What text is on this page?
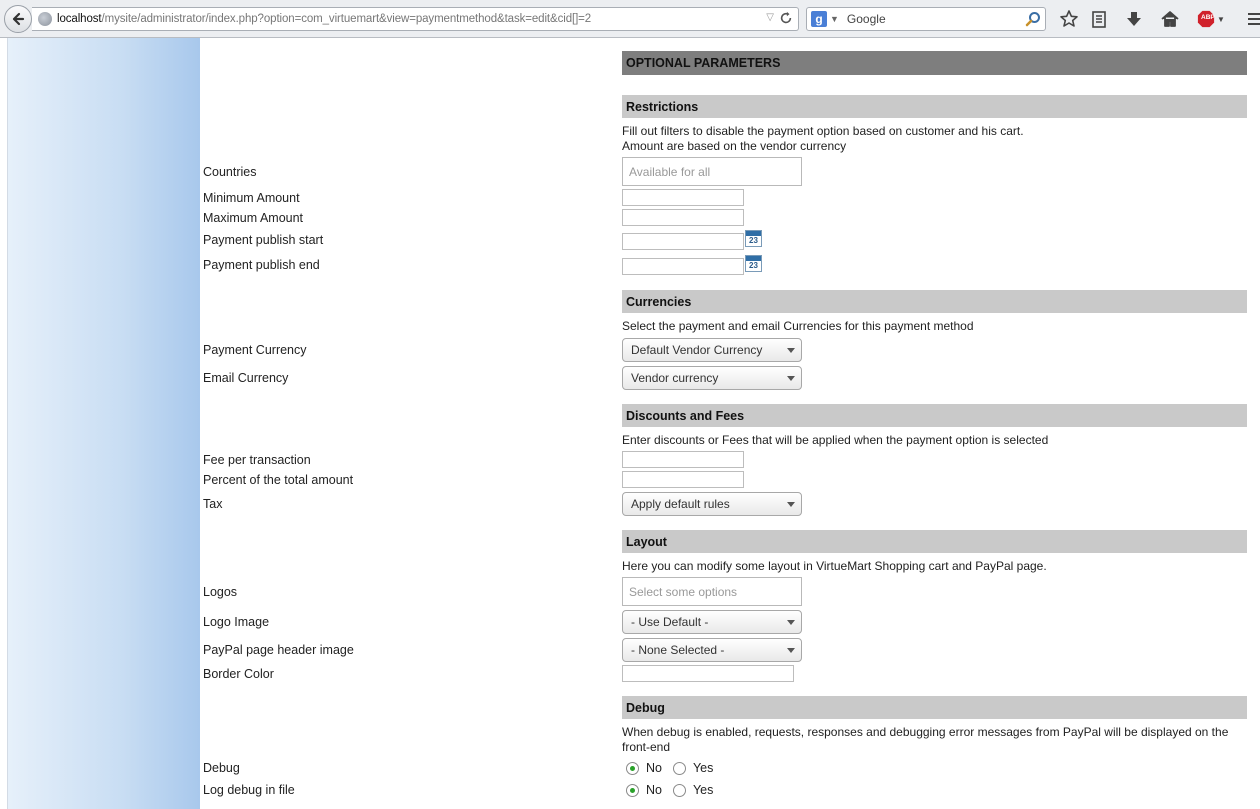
localhost/mysite/administrator/index.php?option=com_virtuemart&view=paymentmethod&task=edit&cid[]=2	▽	g ▼ Google	ABP ▼
OPTIONAL PARAMETERS
Restrictions
Fill out filters to disable the payment option based on customer and his cart.
Amount are based on the vendor currency
Countries	Available for all
Minimum Amount
Maximum Amount
Payment publish start	23
Payment publish end	23
Currencies
Select the payment and email Currencies for this payment method
Payment Currency	Default Vendor Currency
Email Currency	Vendor currency
Discounts and Fees
Enter discounts or Fees that will be applied when the payment option is selected
Fee per transaction
Percent of the total amount
Tax	Apply default rules
Layout
Here you can modify some layout in VirtueMart Shopping cart and PayPal page.
Logos	Select some options
Logo Image	- Use Default -
PayPal page header image	- None Selected -
Border Color
Debug
When debug is enabled, requests, responses and debugging error messages from PayPal will be displayed on the front-end
Debug	No Yes
Log debug in file	No Yes
